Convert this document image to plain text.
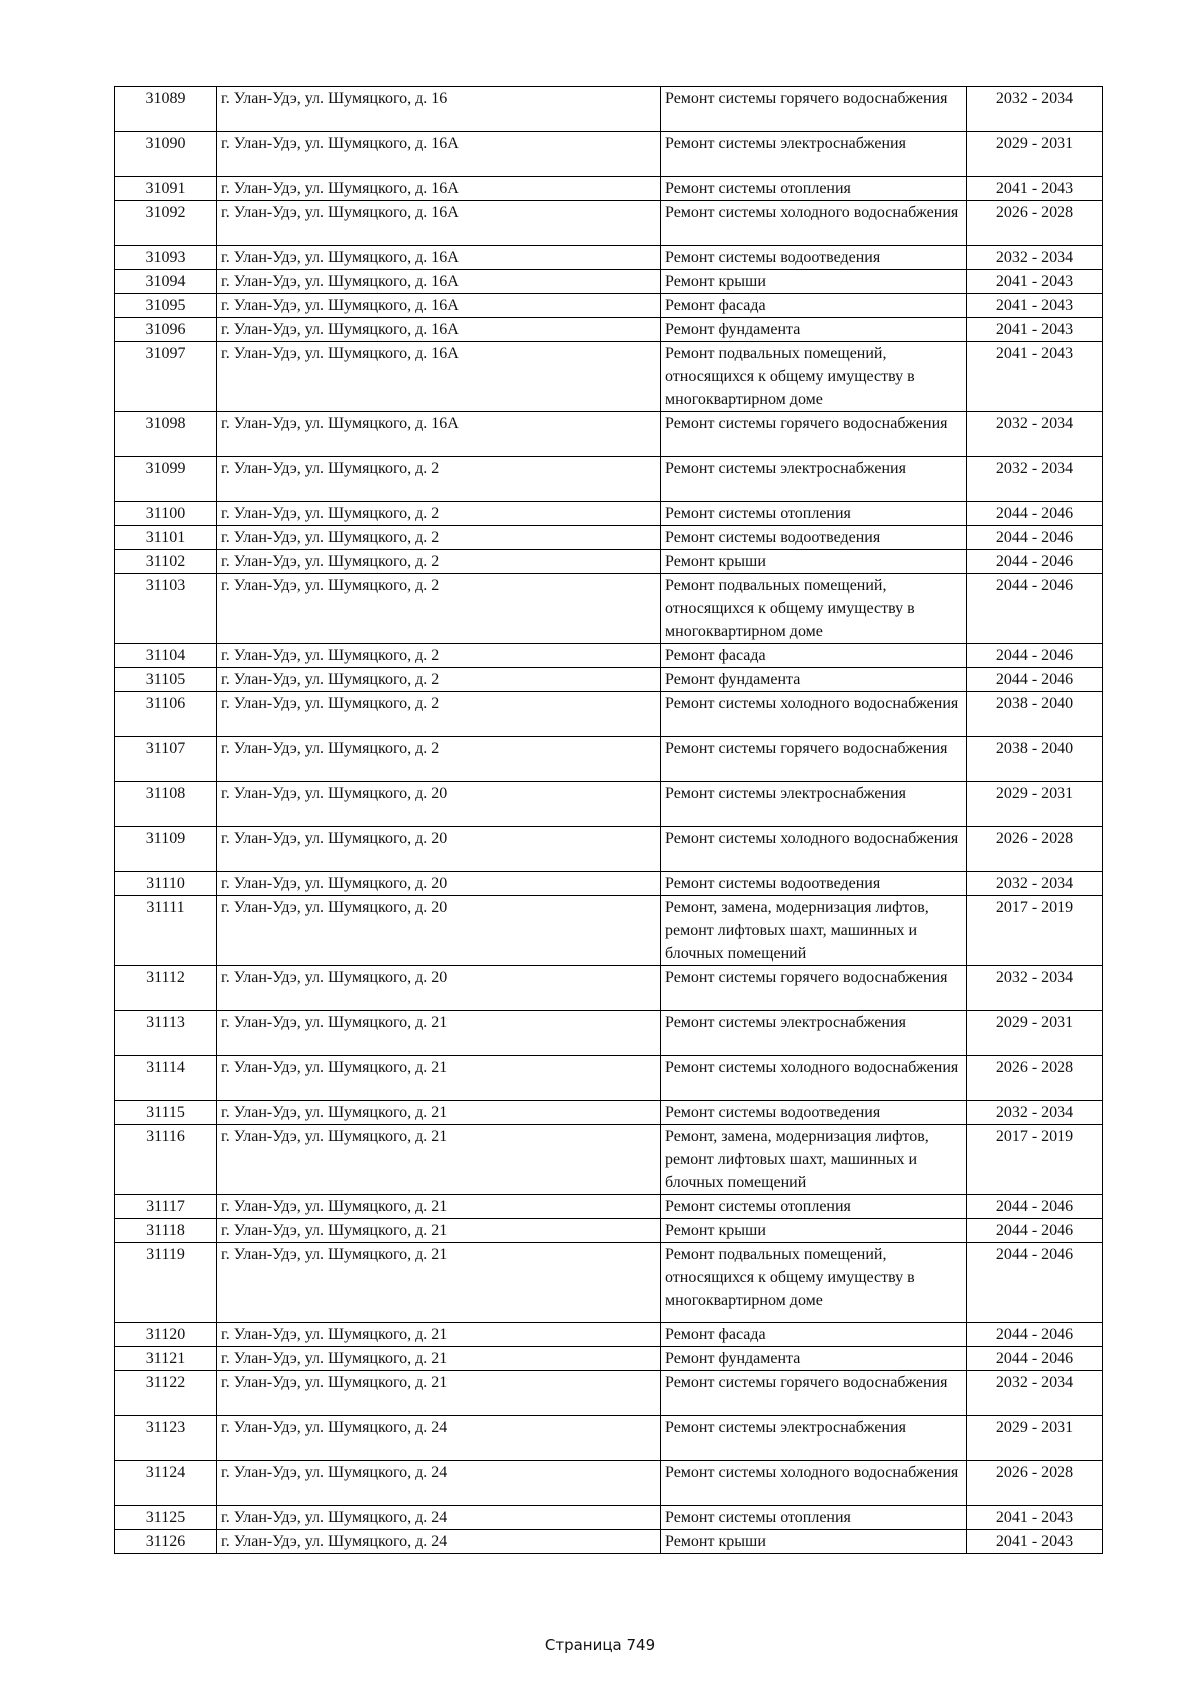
31089	г. Улан-Удэ, ул. Шумяцкого, д. 16	Ремонт системы горячего водоснабжения	2032 - 2034
31090	г. Улан-Удэ, ул. Шумяцкого, д. 16А	Ремонт системы электроснабжения	2029 - 2031
31091	г. Улан-Удэ, ул. Шумяцкого, д. 16А	Ремонт системы отопления	2041 - 2043
31092	г. Улан-Удэ, ул. Шумяцкого, д. 16А	Ремонт системы холодного водоснабжения	2026 - 2028
31093	г. Улан-Удэ, ул. Шумяцкого, д. 16А	Ремонт системы водоотведения	2032 - 2034
31094	г. Улан-Удэ, ул. Шумяцкого, д. 16А	Ремонт крыши	2041 - 2043
31095	г. Улан-Удэ, ул. Шумяцкого, д. 16А	Ремонт фасада	2041 - 2043
31096	г. Улан-Удэ, ул. Шумяцкого, д. 16А	Ремонт фундамента	2041 - 2043
31097	г. Улан-Удэ, ул. Шумяцкого, д. 16А	Ремонт подвальных помещений, относящихся к общему имуществу в многоквартирном доме	2041 - 2043
31098	г. Улан-Удэ, ул. Шумяцкого, д. 16А	Ремонт системы горячего водоснабжения	2032 - 2034
31099	г. Улан-Удэ, ул. Шумяцкого, д. 2	Ремонт системы электроснабжения	2032 - 2034
31100	г. Улан-Удэ, ул. Шумяцкого, д. 2	Ремонт системы отопления	2044 - 2046
31101	г. Улан-Удэ, ул. Шумяцкого, д. 2	Ремонт системы водоотведения	2044 - 2046
31102	г. Улан-Удэ, ул. Шумяцкого, д. 2	Ремонт крыши	2044 - 2046
31103	г. Улан-Удэ, ул. Шумяцкого, д. 2	Ремонт подвальных помещений, относящихся к общему имуществу в многоквартирном доме	2044 - 2046
31104	г. Улан-Удэ, ул. Шумяцкого, д. 2	Ремонт фасада	2044 - 2046
31105	г. Улан-Удэ, ул. Шумяцкого, д. 2	Ремонт фундамента	2044 - 2046
31106	г. Улан-Удэ, ул. Шумяцкого, д. 2	Ремонт системы холодного водоснабжения	2038 - 2040
31107	г. Улан-Удэ, ул. Шумяцкого, д. 2	Ремонт системы горячего водоснабжения	2038 - 2040
31108	г. Улан-Удэ, ул. Шумяцкого, д. 20	Ремонт системы электроснабжения	2029 - 2031
31109	г. Улан-Удэ, ул. Шумяцкого, д. 20	Ремонт системы холодного водоснабжения	2026 - 2028
31110	г. Улан-Удэ, ул. Шумяцкого, д. 20	Ремонт системы водоотведения	2032 - 2034
31111	г. Улан-Удэ, ул. Шумяцкого, д. 20	Ремонт, замена, модернизация лифтов, ремонт лифтовых шахт, машинных и блочных помещений	2017 - 2019
31112	г. Улан-Удэ, ул. Шумяцкого, д. 20	Ремонт системы горячего водоснабжения	2032 - 2034
31113	г. Улан-Удэ, ул. Шумяцкого, д. 21	Ремонт системы электроснабжения	2029 - 2031
31114	г. Улан-Удэ, ул. Шумяцкого, д. 21	Ремонт системы холодного водоснабжения	2026 - 2028
31115	г. Улан-Удэ, ул. Шумяцкого, д. 21	Ремонт системы водоотведения	2032 - 2034
31116	г. Улан-Удэ, ул. Шумяцкого, д. 21	Ремонт, замена, модернизация лифтов, ремонт лифтовых шахт, машинных и блочных помещений	2017 - 2019
31117	г. Улан-Удэ, ул. Шумяцкого, д. 21	Ремонт системы отопления	2044 - 2046
31118	г. Улан-Удэ, ул. Шумяцкого, д. 21	Ремонт крыши	2044 - 2046
31119	г. Улан-Удэ, ул. Шумяцкого, д. 21	Ремонт подвальных помещений, относящихся к общему имуществу в многоквартирном доме	2044 - 2046
31120	г. Улан-Удэ, ул. Шумяцкого, д. 21	Ремонт фасада	2044 - 2046
31121	г. Улан-Удэ, ул. Шумяцкого, д. 21	Ремонт фундамента	2044 - 2046
31122	г. Улан-Удэ, ул. Шумяцкого, д. 21	Ремонт системы горячего водоснабжения	2032 - 2034
31123	г. Улан-Удэ, ул. Шумяцкого, д. 24	Ремонт системы электроснабжения	2029 - 2031
31124	г. Улан-Удэ, ул. Шумяцкого, д. 24	Ремонт системы холодного водоснабжения	2026 - 2028
31125	г. Улан-Удэ, ул. Шумяцкого, д. 24	Ремонт системы отопления	2041 - 2043
31126	г. Улан-Удэ, ул. Шумяцкого, д. 24	Ремонт крыши	2041 - 2043
Страница 749
